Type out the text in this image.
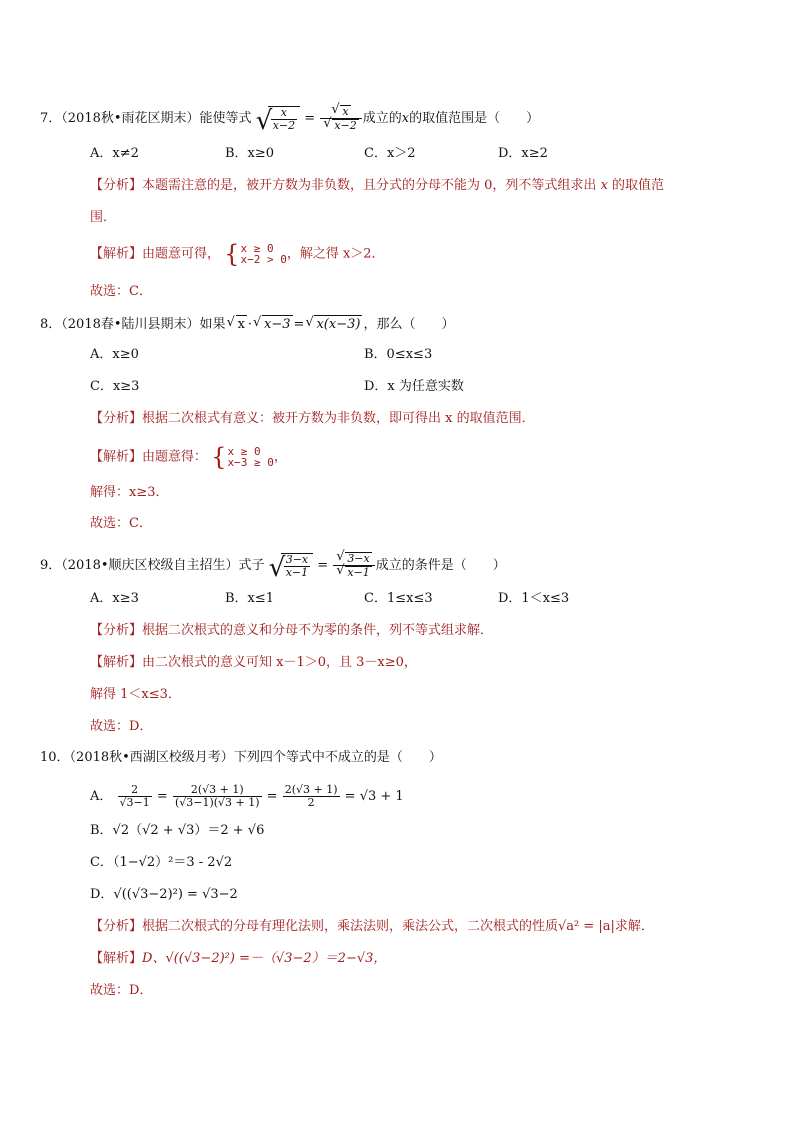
7．（2018秋•雨花区期末）能使等式 √
$\frac{x}{x-2}$ = √ x
√ x−2 成立的x的取值范围是（　　）
A．x≠2	B．x≥0	C．x＞2	D．x≥2
【分析】本题需注意的是，被开方数为非负数，且分式的分母不能为 0，列不等式组求出 x 的取值范
围．
【解析】由题意可得， { x ≥ 0
x−2 > 0 ，解之得 x＞2．
故选：C．
8．（2018春•陆川县期末）如果 √ x · √ x−3 = √ x(x−3) ，那么（　　）
A．x≥0	B．0≤x≤3
C．x≥3	D．x 为任意实数
【分析】根据二次根式有意义：被开方数为非负数，即可得出 x 的取值范围．
【解析】由题意得： { x ≥ 0
x−3 ≥ 0 ，
解得：x≥3．
故选：C．
9．（2018•顺庆区校级自主招生）式子 √
$\frac{3-x}{x-1}$ = √ 3−x
√ x−1 成立的条件是（　　）
A．x≥3	B．x≤1	C．1≤x≤3	D．1＜x≤3
【分析】根据二次根式的意义和分母不为零的条件，列不等式组求解．
【解析】由二次根式的意义可知 x－1＞0，且 3－x≥0，
解得 1＜x≤3．
故选：D．
10．（2018秋•西湖区校级月考）下列四个等式中不成立的是（　　）
A． $\frac{2}{√3-1} = \frac{2(√3 + 1)}{(√3-1)(√3 + 1)} = \frac{2(√3 + 1)}{2} = √3 + 1$
B．√2（√2 + √3）＝2 + √6
C．（1−√2）²＝3 - 2√2
D．√((√3−2)²) = √3−2
【分析】根据二次根式的分母有理化法则，乘法法则，乘法公式，二次根式的性质√a² = |a|求解．
【解析】D、√((√3−2)²) =－（√3−2）＝2−√3，
故选：D．
